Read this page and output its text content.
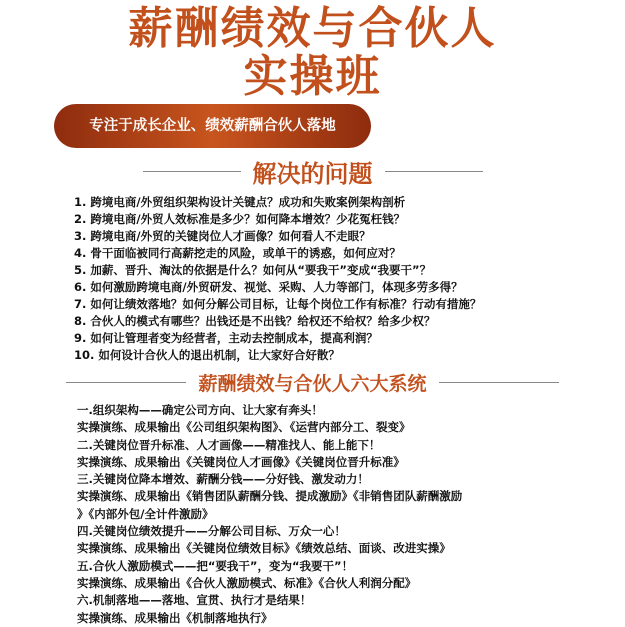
薪酬绩效与合伙人
实操班
专注于成长企业、绩效薪酬合伙人落地
解决的问题
1. 跨境电商/外贸组织架构设计关键点？成功和失败案例架构剖析
2. 跨境电商/外贸人效标准是多少？如何降本增效？少花冤枉钱？
3. 跨境电商/外贸的关键岗位人才画像？如何看人不走眼？
4. 骨干面临被同行高薪挖走的风险，或单干的诱惑，如何应对？
5. 加薪、晋升、淘汰的依据是什么？如何从“要我干”变成“我要干”？
6. 如何激励跨境电商/外贸研发、视觉、采购、人力等部门，体现多劳多得？
7. 如何让绩效落地？如何分解公司目标，让每个岗位工作有标准？行动有措施？
8. 合伙人的模式有哪些？出钱还是不出钱？给权还不给权？给多少权？
9. 如何让管理者变为经营者，主动去控制成本，提高利润？
10. 如何设计合伙人的退出机制，让大家好合好散？
薪酬绩效与合伙人六大系统
一.组织架构——确定公司方向、让大家有奔头！
实操演练、成果输出《公司组织架构图》、《运营内部分工、裂变》
二.关键岗位晋升标准、人才画像——精准找人、能上能下！
实操演练、成果输出《关键岗位人才画像》《关键岗位晋升标准》
三.关键岗位降本增效、薪酬分钱——分好钱、激发动力！
实操演练、成果输出《销售团队薪酬分钱、提成激励》《非销售团队薪酬激励
》《内部外包/全计件激励》
四.关键岗位绩效提升——分解公司目标、万众一心！
实操演练、成果输出《关键岗位绩效目标》《绩效总结、面谈、改进实操》
五.合伙人激励模式——把“要我干”，变为“我要干”！
实操演练、成果输出《合伙人激励模式、标准》《合伙人利润分配》
六.机制落地——落地、宣贯、执行才是结果！
实操演练、成果输出《机制落地执行》
